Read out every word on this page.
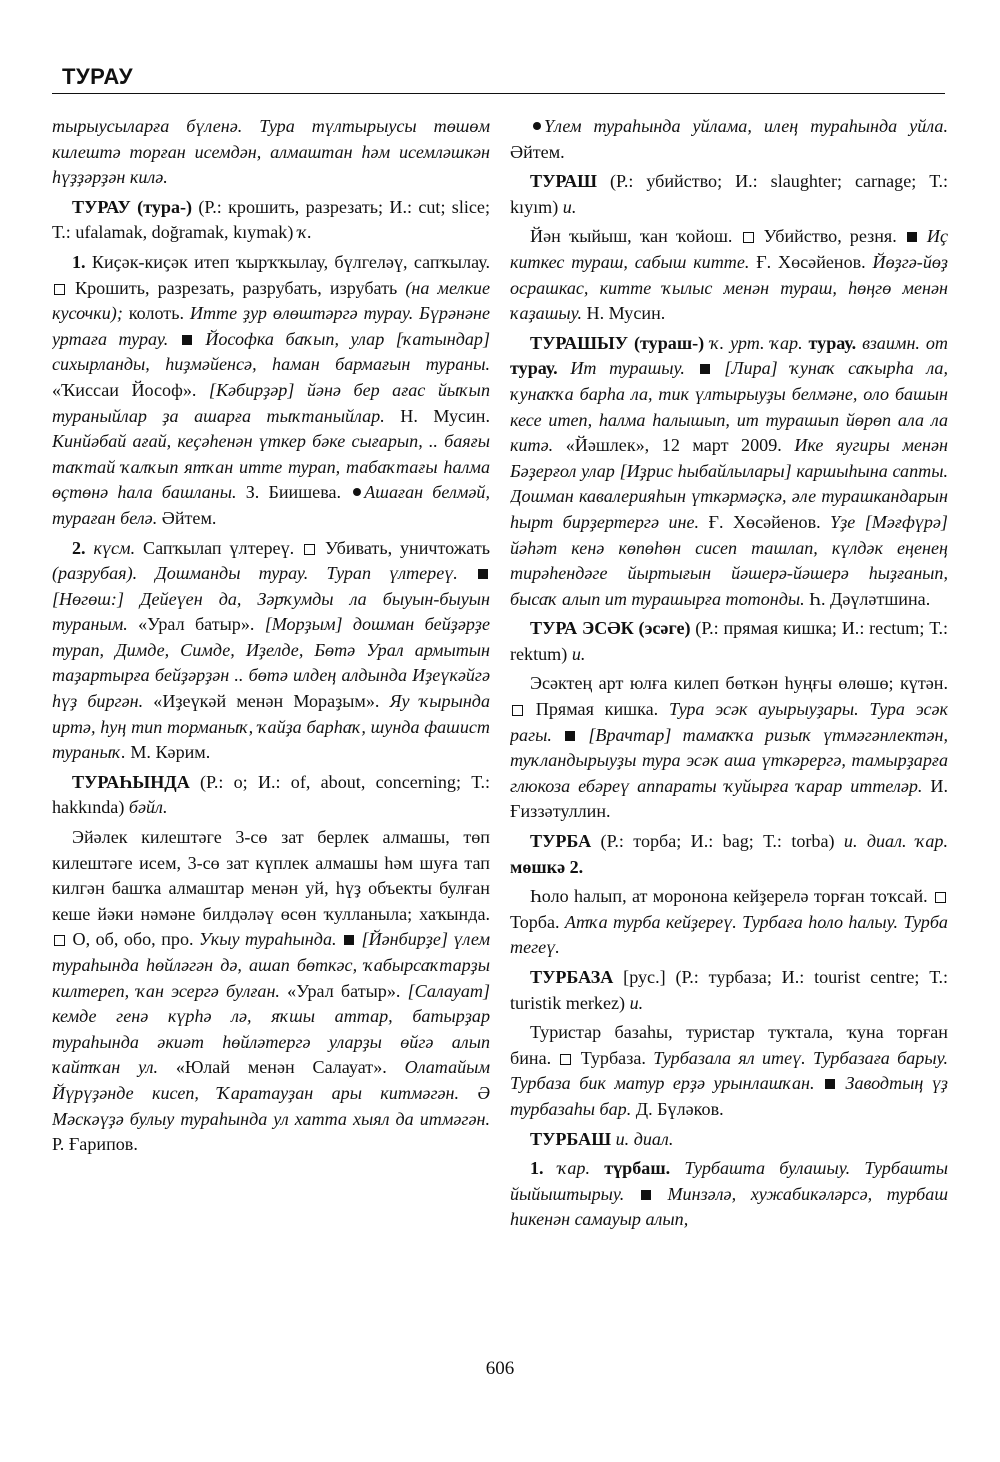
ТУРАУ

тырыусыларға бүленә. Тура түлтырыусы төшөм килештә торған исемдән, алмаштан һәм исемләшкән һүҙҙәрҙән килә.

ТУРАУ (тура-) (Р.: крошить, разрезать; И.: cut; slice; Т.: ufalamak, doğramak, kıymak) ҡ.

1. Киҫәк-киҫәк итеп ҡырҡҡылау, бүлгеләү, сапҡылау.  Крошить, разрезать, разрубать, изрубать (на мелкие кусочки); колоть. Итте ҙур өлөштәргә турау. Бүрәнәне уртаға турау. Йософка баҡып, улар [ҡатындар] сихырланды, һиҙмәйенсә, һаман бармағын тураны. «Ҡиссаи Йософ». [Кәбирҙәр] йәнә бер ағас йыҡып тураныйлар ҙа ашарға тыҡтаныйлар. Н. Мусин. Кинйәбай ағай, кеҫәһенән үткер бәке сығарып, .. баяғы таҡтай ҡалҡып ятҡан итте турап, табаҡтағы һалма өҫтөнә һала башланы. З. Биишева. Ашаған белмәй, тураған белә. Әйтем.

2. күсм. Сапҡылап үлтереү.  Убивать, уничтожать (разрубая). Дошманды турау. Турап үлтереү.  [Нөгөш:] Дейеүен да, Зәрҡумды ла быуын-быуын тураным. «Урал батыр». [Морҙым] дошман бейҙәрҙе турап, Димде, Симде, Иҙелде, Бөтә Урал армытын таҙартырға бейҙәрҙән .. бөтә илдең алдында Иҙеүкәйгә һүҙ биргән. «Иҙеүкәй менән Мораҙым». Яу ҡырында иртә, һуң тип торманыҡ, ҡайҙа барһаҡ, шунда фашист тураныҡ. М. Кәрим.

ТУРАҺЫНДА (Р.: о; И.: of, about, concerning; Т.: hakkında) бәйл.

Эйәлек килештәге 3-сө зат берлек алмашы, төп килештәге исем, 3-сө зат күплек алмашы һәм шуға тап килгән башҡа алмаштар менән уй, һүҙ объекты булған кеше йәки нәмәне билдәләү өсөн ҡулланыла; хаҡында.  О, об, обо, про. Укыу тураһында. [Йәнбирҙе] үлем тураһында һөйләгән дә, ашап бөткәс, ҡабырсаҡтарҙы килтереп, ҡан эсергә булған. «Урал батыр». [Салауат] кемде генә күрһә лә, яҡшы аттар, батырҙар тураһында әкиәт һөйләтергә уларҙы өйгә алып ҡайтҡан ул. «Юлай менән Салауат». Олатайым Йүрүҙәнде кисеп, Ҡаратауҙан ары китмәгән. Ә Мәскәүҙә булыу тураһында ул хатта хыял да итмәгән. Р. Ғарипов.

Үлем тураһында уйлама, илең тураһында уйла. Әйтем.

ТУРАШ (Р.: убийство; И.: slaughter; carnage; Т.: kıyım) и.

Йән ҡыйыш, ҡан ҡойош.  Убийство, резня.  Иҫ киткес тураш, сабыш китте. Ғ. Хөсәйенов. Йөҙгә-йөҙ осрашкас, китте ҡылыс менән тураш, һөңгө менән ҡаҙашыу. Н. Мусин.

ТУРАШЫУ (тураш-) ҡ. урт. ҡар. турау. взаимн. от турау. Ит турашыу. [Лира] ҡунаҡ саҡырһа ла, ҡунаҡҡа барһа ла, тик үлтырыуҙы белмәне, оло башын кесе итеп, һалма һалышып, ит турашып йөрөп ала ла китә. «Йәшлек», 12 март 2009. Ике яугиры менән Бәҙерғол улар [Иҙрис һыбайлылары] каршыһына сапты. Дошман кавалерияһын үткәрмәҫкә, әле турашкандарын һырт бирҙертергә ине. Ғ. Хөсәйенов. Үҙе [Мәғфүрә] йәһәт кенә көпөһөн сисеп ташлап, күлдәк еңенең тирәһендәге йыртығын йәшерә-йәшерә һыҙғанып, бысаҡ алып ит турашырға тотонды. Һ. Дәүләтшина.

ТУРА ЭСӘК (эсәге) (Р.: прямая кишка; И.: rectum; Т.: rektum) и.

Эсәктең арт юлға килеп бөткән һуңғы өлөшө; күтән.  Прямая кишка. Тура эсәк ауырыуҙары. Тура эсәк рагы. [Врачтар] тамаҡҡа ризыҡ үтмәгәнлектән, туҡландырыуҙы тура эсәк аша үткәрергә, тамырҙарға глюкоза ебәреү аппараты ҡуйырға ҡарар иттеләр. И. Ғиззәтуллин.

ТУРБА (Р.: торба; И.: bag; Т.: torba) и. диал. ҡар. мөшкә 2.

Һоло һалып, ат моронона кейҙерелә торған тоҡсай.  Торба. Атҡа турба кейҙереү. Турбаға һоло һалыу. Турба тегеү.

ТУРБАЗА [рус.] (Р.: турбаза; И.: tourist centre; Т.: turistik merkez) и.

Туристар базаһы, туристар туҡтала, ҡуна торған бина.  Турбаза. Турбазала ял итеү. Турбазаға барыу. Турбаза бик матур ерҙә урынлашҡан. Заводтың үҙ турбазаһы бар. Д. Бүләков.

ТУРБАШ и. диал.

1. ҡар. түрбаш. Турбашта булашыу. Турбашты йыйыштырыу. Минзәлә, хужабикәләрсә, турбаш һикенән самауыр алып,

606
